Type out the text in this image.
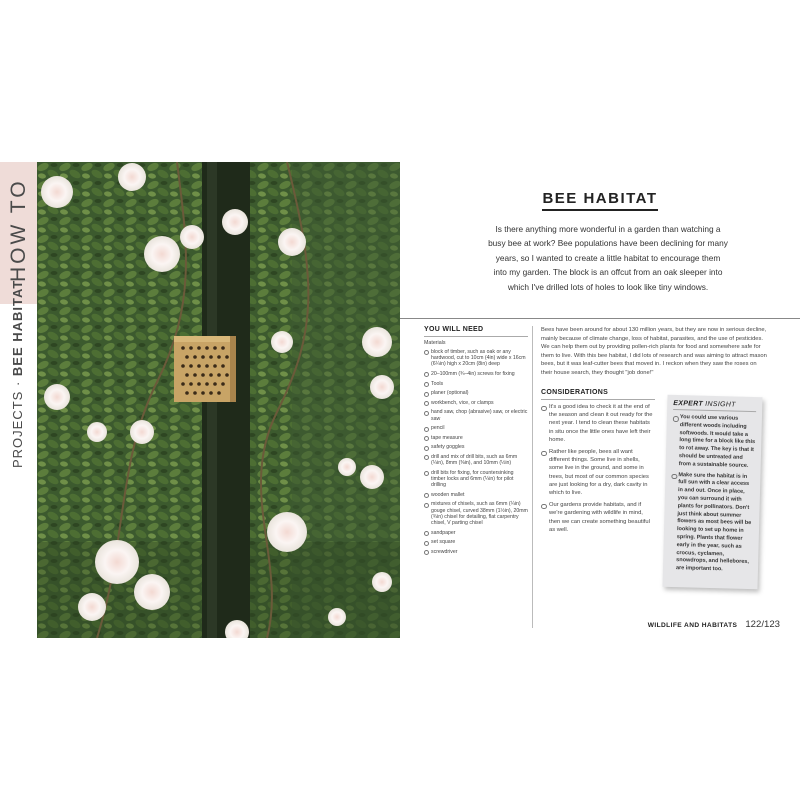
HOW TO
PROJECTS · BEE HABITAT
BEE HABITAT

Is there anything more wonderful in a garden than watching a busy bee at work? Bee populations have been declining for many years, so I wanted to create a little habitat to encourage them into my garden. The block is an offcut from an oak sleeper into which I've drilled lots of holes to look like tiny windows.

YOU WILL NEED
Materials
block of timber, such as oak or any hardwood, cut to 10cm (4in) wide x 16cm (6¼in) high x 20cm (8in) deep
20–100mm (¾–4in) screws for fixing
Tools
planer (optional)
workbench, vice, or clamps
hand saw, chop (abrasive) saw, or electric saw
pencil
tape measure
safety goggles
drill and mix of drill bits, such as 6mm (¼in), 8mm (⅜in), and 10mm (½in)
drill bits for fixing, for countersinking timber locks and 6mm (¼in) for pilot drilling
wooden mallet
mixtures of chisels, such as 6mm (¼in) gouge chisel, curved 38mm (1½in), 20mm (¾in) chisel for detailing, flat carpentry chisel, V parting chisel
sandpaper
set square
screwdriver

Bees have been around for about 130 million years, but they are now in serious decline, mainly because of climate change, loss of habitat, parasites, and the use of pesticides. We can help them out by providing pollen-rich plants for food and somewhere safe for them to live. With this bee habitat, I did lots of research and was aiming to attract mason bees, but it was leaf-cutter bees that moved in. I reckon when they saw the roses on their house search, they thought "job done!"

CONSIDERATIONS
It's a good idea to check it at the end of the season and clean it out ready for the next year. I tend to clean these habitats in situ once the little ones have left their home.
Rather like people, bees all want different things. Some live in shells, some live in the ground, and some in trees, but most of our common species are just looking for a dry, dark cavity in which to live.
Our gardens provide habitats, and if we're gardening with wildlife in mind, then we can create something beautiful as well.
EXPERT INSIGHT
You could use various different woods including softwoods. It would take a long time for a block like this to rot away. The key is that it should be untreated and from a sustainable source.
Make sure the habitat is in full sun with a clear access in and out. Once in place, you can surround it with plants for pollinators. Don't just think about summer flowers as most bees will be looking to set up home in spring. Plants that flower early in the year, such as crocus, cyclamen, snowdrops, and hellebores, are important too.
WILDLIFE AND HABITATS 122/123
